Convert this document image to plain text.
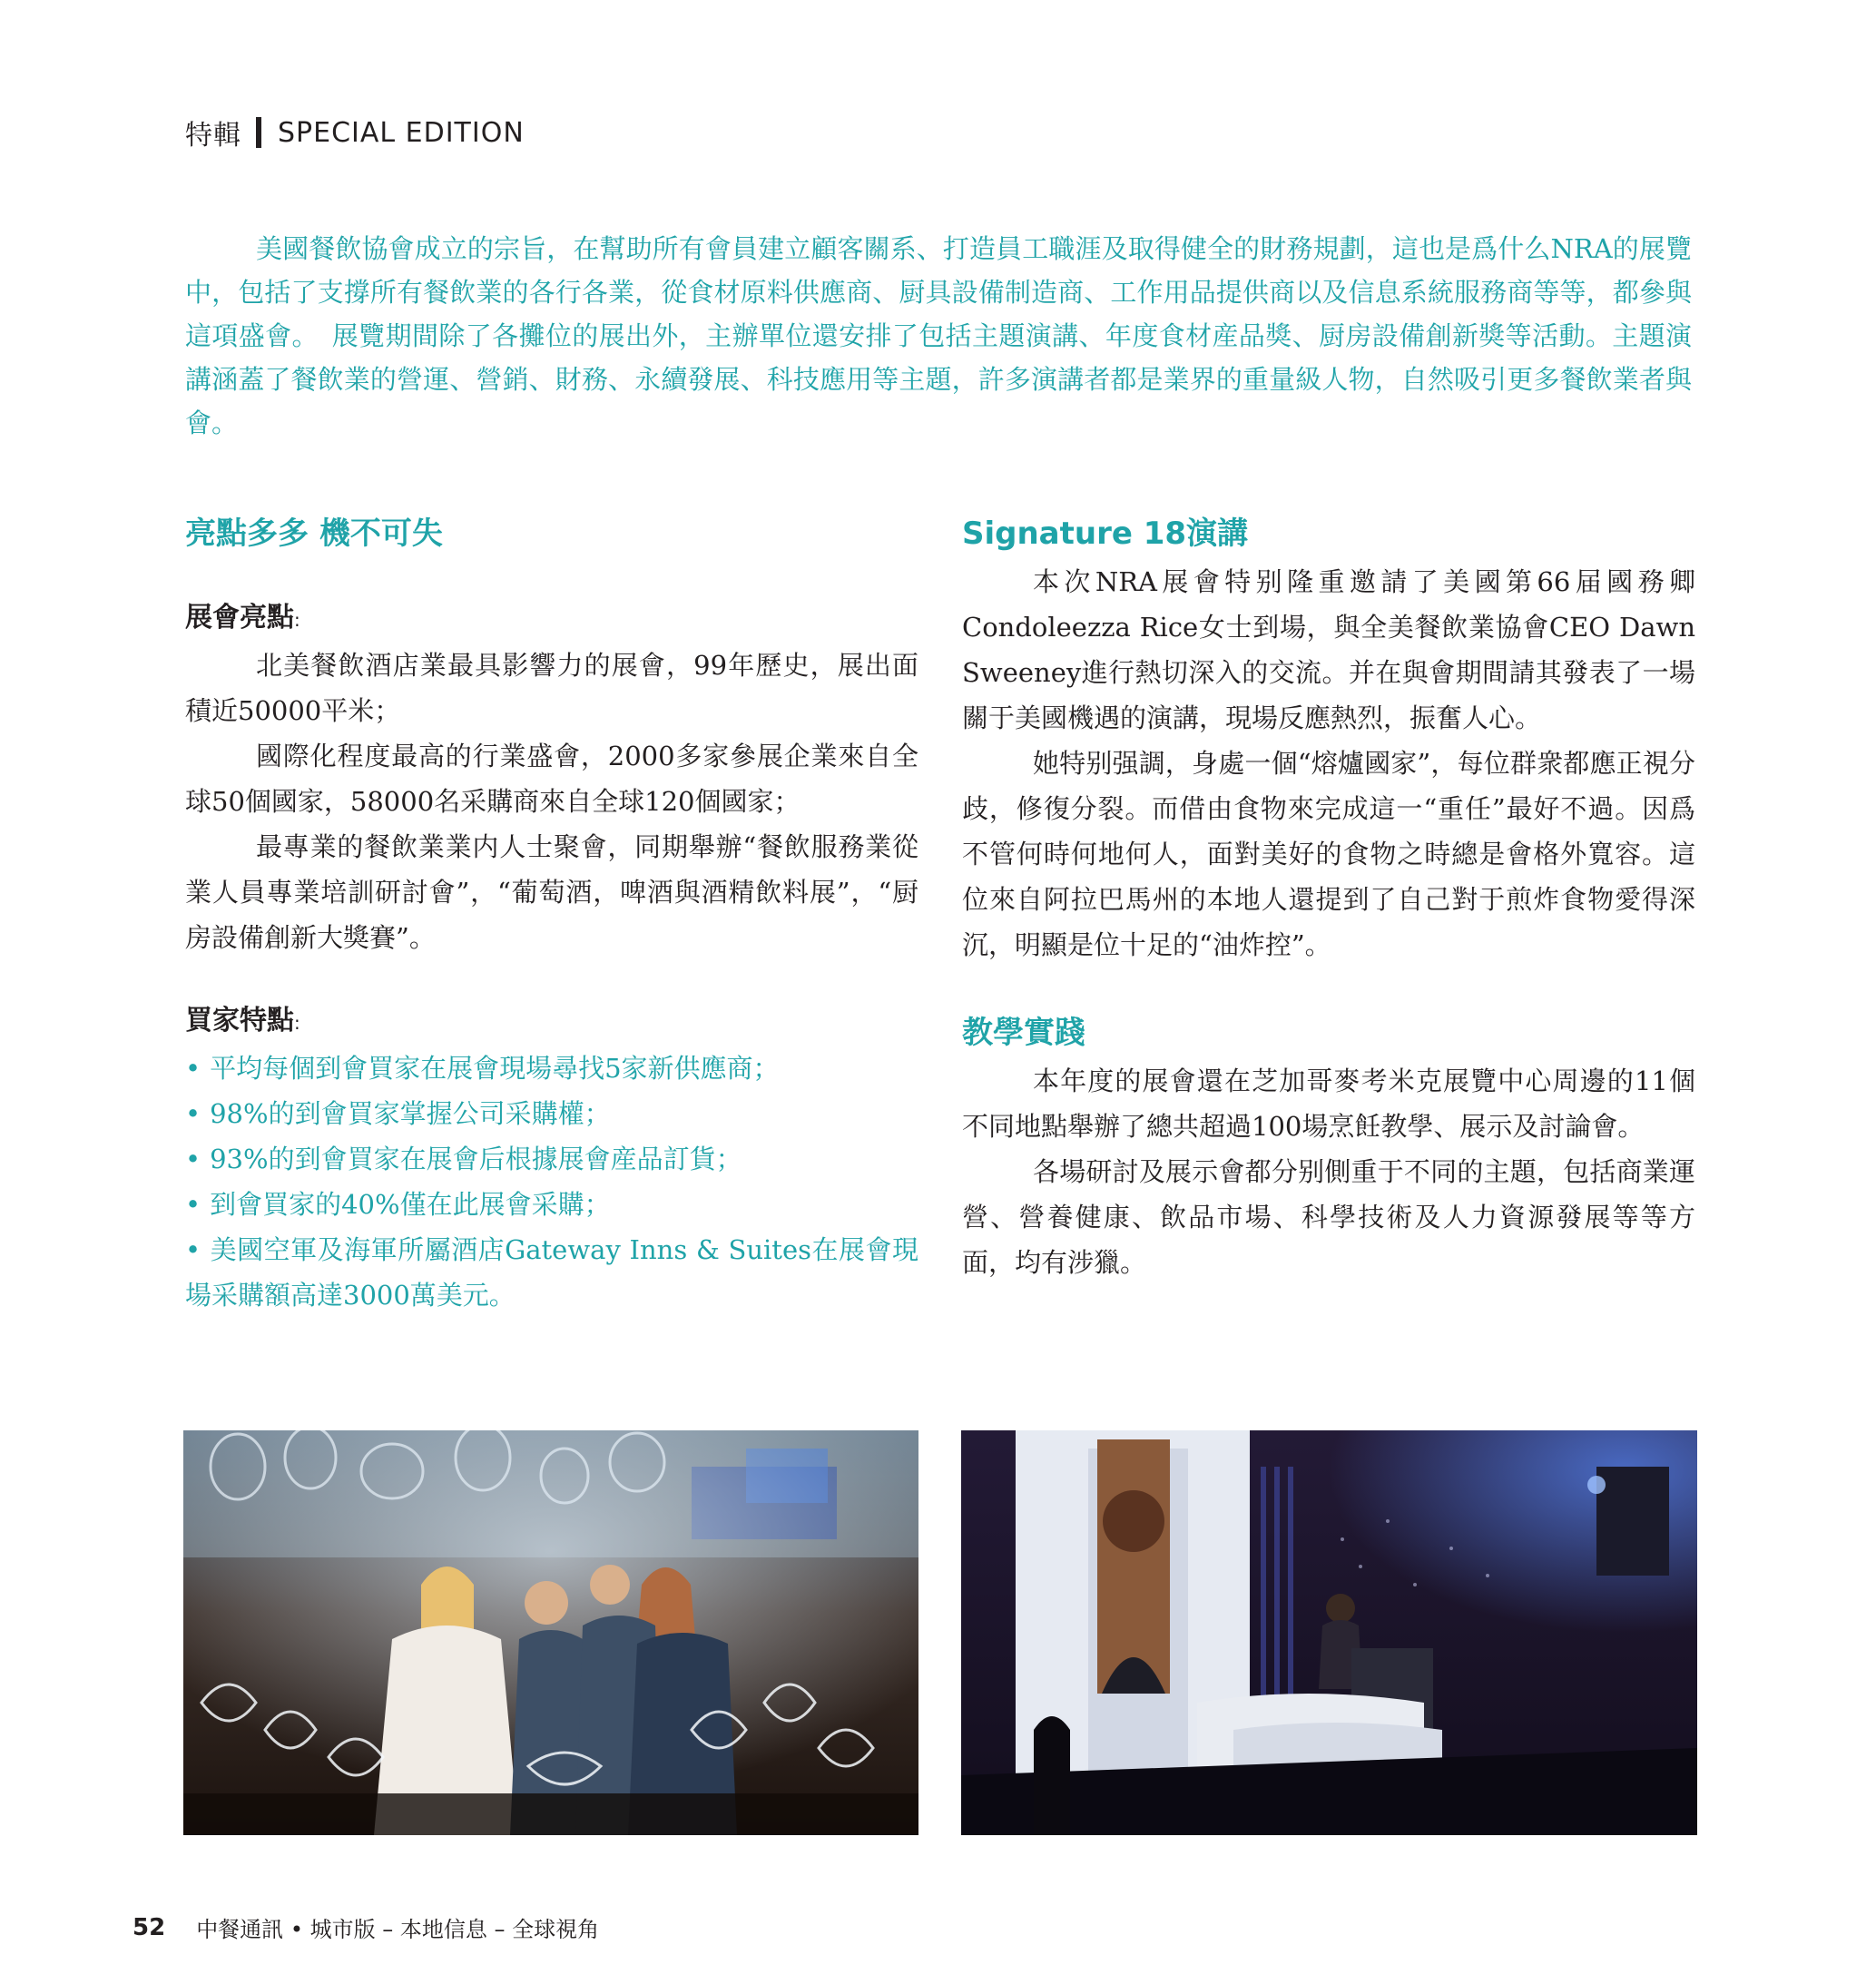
特輯 SPECIAL EDITION

美國餐飲協會成立的宗旨，在幫助所有會員建立顧客關系、打造員工職涯及取得健全的財務規劃，這也是爲什么NRA的展覽中，包括了支撐所有餐飲業的各行各業，從食材原料供應商、厨具設備制造商、工作用品提供商以及信息系統服務商等等，都參與這項盛會。　展覽期間除了各攤位的展出外，主辦單位還安排了包括主題演講、年度食材産品獎、厨房設備創新獎等活動。主題演講涵蓋了餐飲業的營運、營銷、財務、永續發展、科技應用等主題，許多演講者都是業界的重量級人物，自然吸引更多餐飲業者與會。

亮點多多 機不可失
展會亮點:

北美餐飲酒店業最具影響力的展會，99年歷史，展出面積近50000平米；

國際化程度最高的行業盛會，2000多家參展企業來自全球50個國家，58000名采購商來自全球120個國家；

最專業的餐飲業業内人士聚會，同期舉辦“餐飲服務業從業人員專業培訓研討會”，“葡萄酒，啤酒與酒精飲料展”，“厨房設備創新大獎賽”。

買家特點:
• 平均每個到會買家在展會現場尋找5家新供應商；
• 98%的到會買家掌握公司采購權；
• 93%的到會買家在展會后根據展會産品訂貨；
• 到會買家的40%僅在此展會采購；
• 美國空軍及海軍所屬酒店Gateway Inns & Suites在展會現場采購額高達3000萬美元。
Signature 18演講

本次NRA展會特别隆重邀請了美國第66届國務卿Condoleezza Rice女士到場，與全美餐飲業協會CEO Dawn Sweeney進行熱切深入的交流。并在與會期間請其發表了一場關于美國機遇的演講，現場反應熱烈，振奮人心。

她特别强調，身處一個“熔爐國家”，每位群衆都應正視分歧，修復分裂。而借由食物來完成這一“重任”最好不過。因爲不管何時何地何人，面對美好的食物之時總是會格外寬容。這位來自阿拉巴馬州的本地人還提到了自己對于煎炸食物愛得深沉，明顯是位十足的“油炸控”。

教學實踐

本年度的展會還在芝加哥麥考米克展覽中心周邊的11個不同地點舉辦了總共超過100場烹飪教學、展示及討論會。

各場研討及展示會都分别側重于不同的主題，包括商業運營、營養健康、飲品市場、科學技術及人力資源發展等等方面，均有涉獵。

52 中餐通訊 • 城市版 – 本地信息 – 全球視角
